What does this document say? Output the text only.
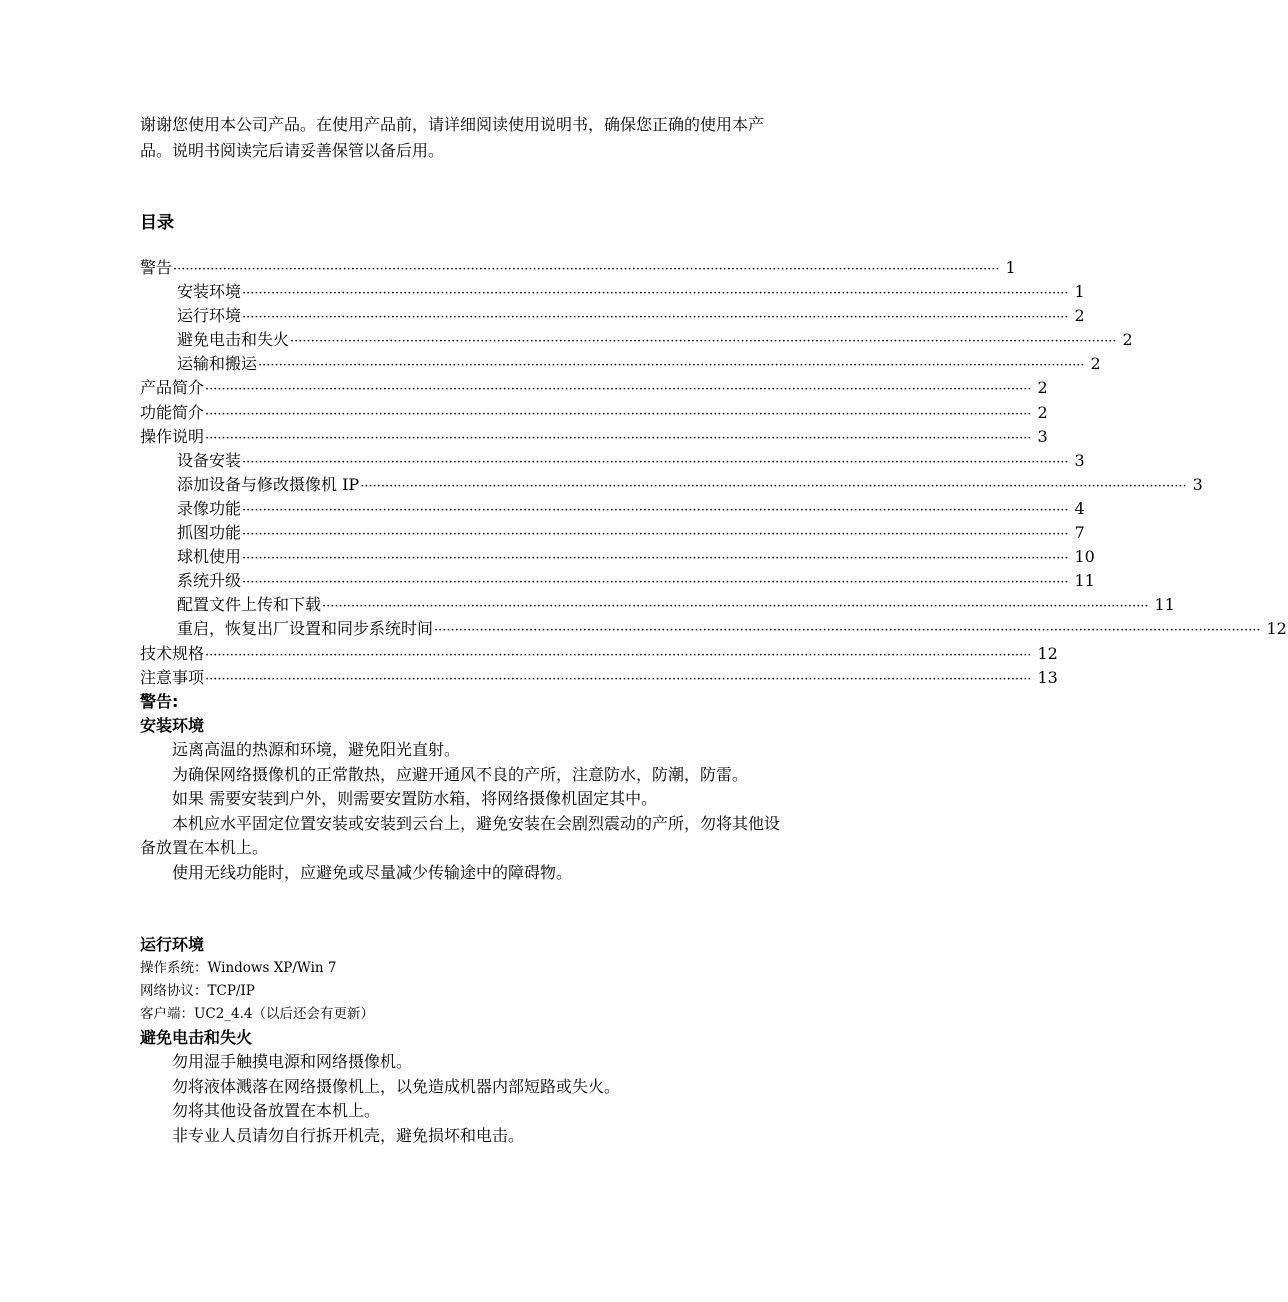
谢谢您使用本公司产品。在使用产品前，请详细阅读使用说明书，确保您正确的使用本产品。说明书阅读完后请妥善保管以备后用。
目录
警告 ········································································································································································································ 1
安装环境 ········································································································································································································ 1
运行环境 ········································································································································································································ 2
避免电击和失火 ········································································································································································································ 2
运输和搬运 ········································································································································································································ 2
产品简介 ········································································································································································································ 2
功能简介 ········································································································································································································ 2
操作说明 ········································································································································································································ 3
设备安装 ········································································································································································································ 3
添加设备与修改摄像机 IP ········································································································································································································ 3
录像功能 ········································································································································································································ 4
抓图功能 ········································································································································································································ 7
球机使用 ········································································································································································································ 10
系统升级 ········································································································································································································ 11
配置文件上传和下载 ········································································································································································································ 11
重启，恢复出厂设置和同步系统时间 ········································································································································································································ 12
技术规格 ········································································································································································································ 12
注意事项 ········································································································································································································ 13
警告:
安装环境
远离高温的热源和环境，避免阳光直射。
为确保网络摄像机的正常散热，应避开通风不良的产所，注意防水，防潮，防雷。
如果 需要安装到户外，则需要安置防水箱，将网络摄像机固定其中。
本机应水平固定位置安装或安装到云台上，避免安装在会剧烈震动的产所，勿将其他设备放置在本机上。
使用无线功能时，应避免或尽量减少传输途中的障碍物。
运行环境
操作系统：Windows XP/Win 7
网络协议：TCP/IP
客户端：UC2_4.4（以后还会有更新）
避免电击和失火
勿用湿手触摸电源和网络摄像机。
勿将液体溅落在网络摄像机上，以免造成机器内部短路或失火。
勿将其他设备放置在本机上。
非专业人员请勿自行拆开机壳，避免损坏和电击。
